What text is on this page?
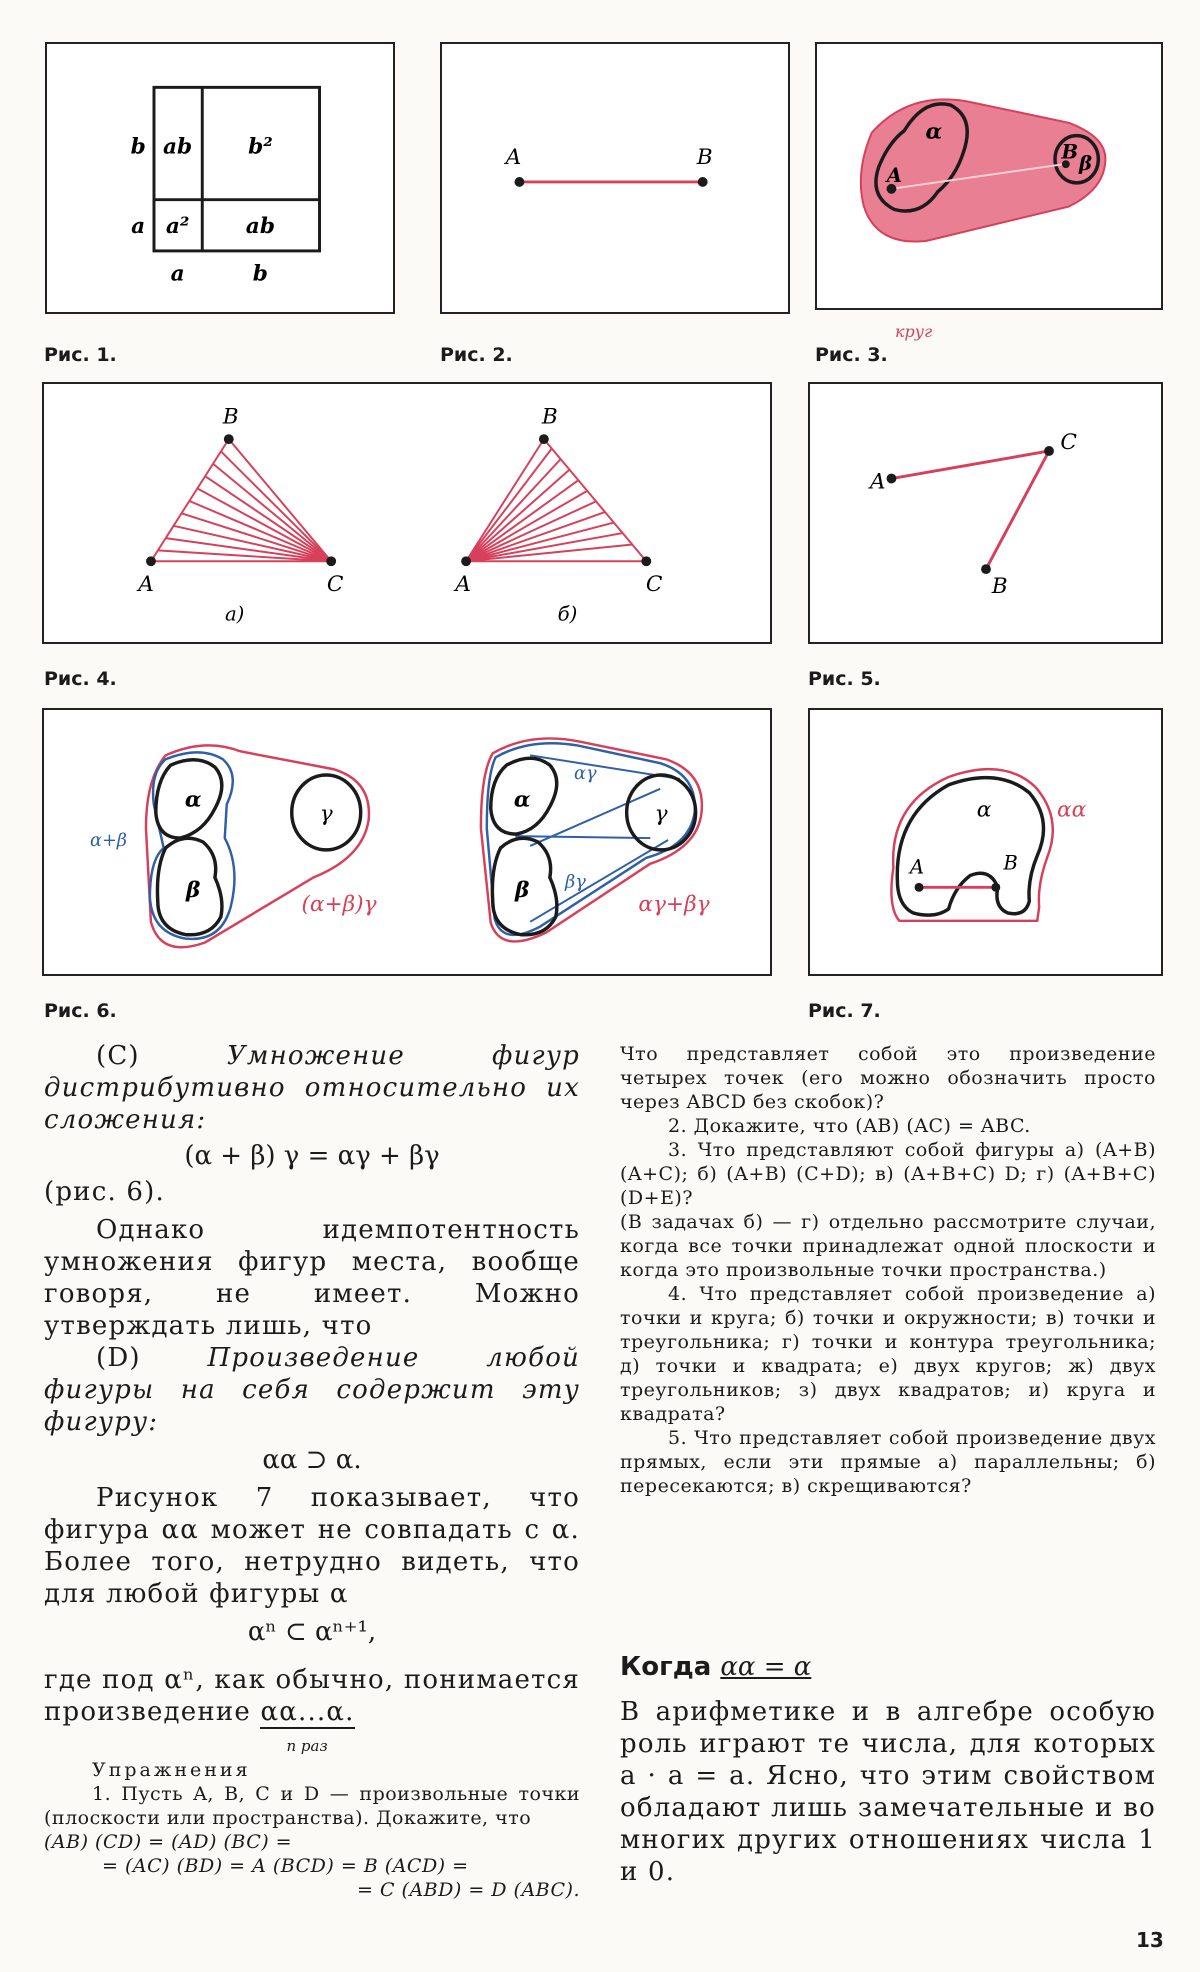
b
a
ab	b²
a²	ab
a	b
Рис. 1.
A	B
Рис. 2.
α
B
β
A
Рис. 3.
круг
B
A	C
a)
B
A	C
б)
Рис. 4.
A
B
C
Рис. 5.
α
β
γ
α+β
(α+β)γ
α
β
γ
αγ
βγ
αγ+βγ
Рис. 6.
α
A	B
αα
Рис. 7.
(C)	Умножение фигур дистрибутивно относительно их сложения:
(α + β) γ = αγ + βγ
(рис. 6).
Однако идемпотентность умножения фигур места, вообще говоря, не имеет. Можно утверждать лишь, что
(D)	Произведение любой фигуры на себя содержит эту фигуру:
αα ⊃ α.
Рисунок 7 показывает, что фигура αα может не совпадать с α. Более того, нетрудно видеть, что для любой фигуры α
αⁿ ⊂ αⁿ⁺¹,
где под αⁿ, как обычно, понимается произведение αα...α.
n раз
Упражнения
1. Пусть A, B, C и D — произвольные точки (плоскости или пространства). Докажите, что
(AB) (CD) = (AD) (BC) =
= (AC) (BD) = A (BCD) = B (ACD) =
= C (ABD) = D (ABC).
Что представляет собой это произведение четырех точек (его можно обозначить просто через ABCD без скобок)?
2. Докажите, что (AB) (AC) = ABC.
3. Что представляют собой фигуры а) (A+B) (A+C); б) (A+B) (C+D); в) (A+B+C) D; г) (A+B+C) (D+E)?
(В задачах б) — г) отдельно рассмотрите случаи, когда все точки принадлежат одной плоскости и когда это произвольные точки пространства.)
4. Что представляет собой произведение а) точки и круга; б) точки и окружности; в) точки и треугольника; г) точки и контура треугольника; д) точки и квадрата; е) двух кругов; ж) двух треугольников; з) двух квадратов; и) круга и квадрата?
5. Что представляет собой произведение двух прямых, если эти прямые а) параллельны; б) пересекаются; в) скрещиваются?
Когда αα = α
В арифметике и в алгебре особую роль играют те числа, для которых a · a = a. Ясно, что этим свойством обладают лишь замечательные и во многих других отношениях числа 1 и 0.
13
